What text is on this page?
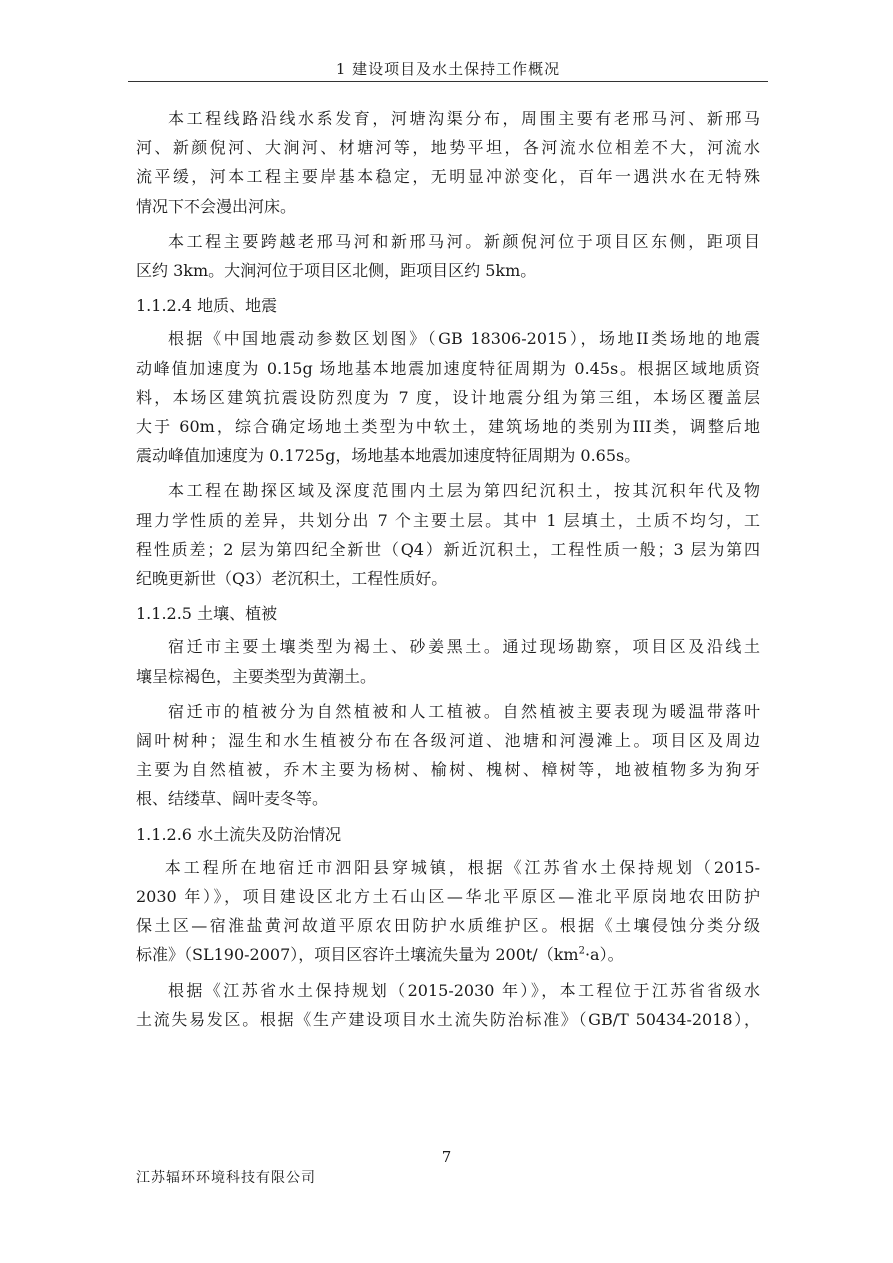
1 建设项目及水土保持工作概况
本工程线路沿线水系发育，河塘沟渠分布，周围主要有老邢马河、新邢马
河、新颜倪河、大涧河、材塘河等，地势平坦，各河流水位相差不大，河流水
流平缓，河本工程主要岸基本稳定，无明显冲淤变化，百年一遇洪水在无特殊
情况下不会漫出河床。
本工程主要跨越老邢马河和新邢马河。新颜倪河位于项目区东侧，距项目
区约 3km。大涧河位于项目区北侧，距项目区约 5km。
1.1.2.4 地质、地震
根据《中国地震动参数区划图》（GB 18306-2015），场地II类场地的地震
动峰值加速度为 0.15g 场地基本地震加速度特征周期为 0.45s。根据区域地质资
料，本场区建筑抗震设防烈度为 7 度，设计地震分组为第三组，本场区覆盖层
大于 60m，综合确定场地土类型为中软土，建筑场地的类别为III类，调整后地
震动峰值加速度为 0.1725g，场地基本地震加速度特征周期为 0.65s。
本工程在勘探区域及深度范围内土层为第四纪沉积土，按其沉积年代及物
理力学性质的差异，共划分出 7 个主要土层。其中 1 层填土，土质不均匀，工
程性质差；2 层为第四纪全新世（Q4）新近沉积土，工程性质一般；3 层为第四
纪晚更新世（Q3）老沉积土，工程性质好。
1.1.2.5 土壤、植被
宿迁市主要土壤类型为褐土、砂姜黑土。通过现场勘察，项目区及沿线土
壤呈棕褐色，主要类型为黄潮土。
宿迁市的植被分为自然植被和人工植被。自然植被主要表现为暖温带落叶
阔叶树种；湿生和水生植被分布在各级河道、池塘和河漫滩上。项目区及周边
主要为自然植被，乔木主要为杨树、榆树、槐树、樟树等，地被植物多为狗牙
根、结缕草、阔叶麦冬等。
1.1.2.6 水土流失及防治情况
本工程所在地宿迁市泗阳县穿城镇，根据《江苏省水土保持规划（2015-
2030 年）》，项目建设区北方土石山区—华北平原区—淮北平原岗地农田防护
保土区—宿淮盐黄河故道平原农田防护水质维护区。根据《土壤侵蚀分类分级
标准》（SL190-2007），项目区容许土壤流失量为 $200t/(km^2\cdot a)$。
根据《江苏省水土保持规划（2015-2030 年）》，本工程位于江苏省省级水
土流失易发区。根据《生产建设项目水土流失防治标准》（GB/T 50434-2018），
7
江苏辐环环境科技有限公司
